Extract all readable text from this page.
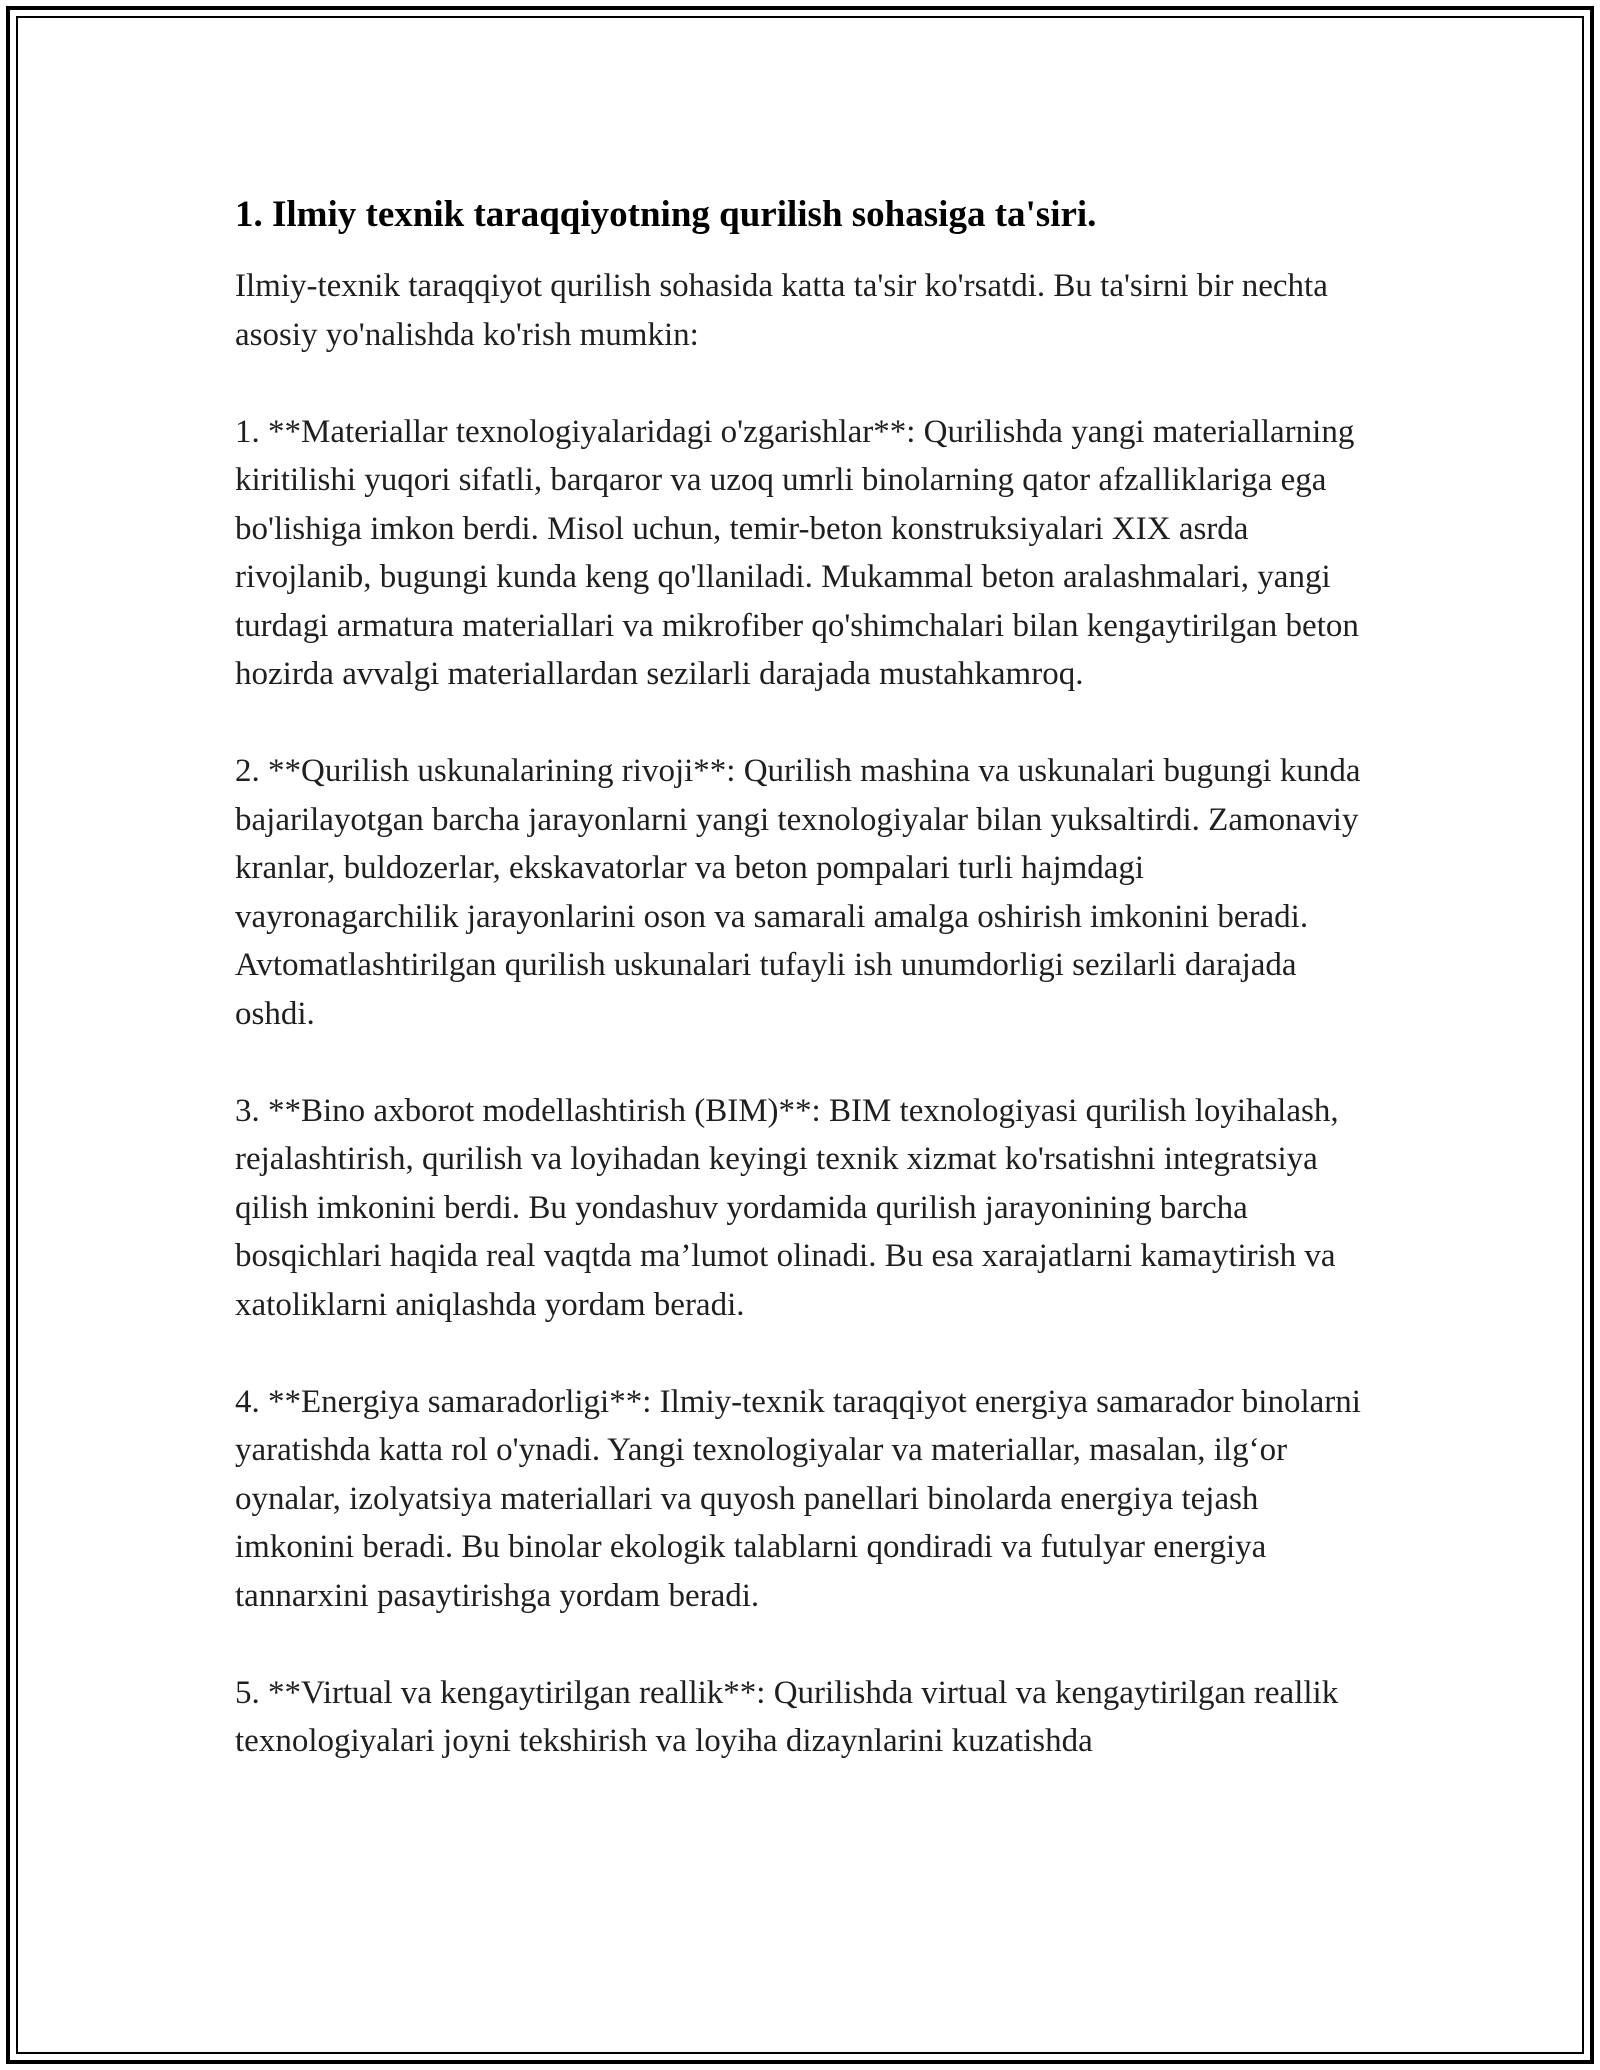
1. Ilmiy texnik taraqqiyotning qurilish sohasiga ta'siri.

Ilmiy-texnik taraqqiyot qurilish sohasida katta ta'sir ko'rsatdi. Bu ta'sirni bir nechta asosiy yo'nalishda ko'rish mumkin:

1. **Materiallar texnologiyalaridagi o'zgarishlar**: Qurilishda yangi materiallarning kiritilishi yuqori sifatli, barqaror va uzoq umrli binolarning qator afzalliklariga ega bo'lishiga imkon berdi. Misol uchun, temir-beton konstruksiyalari XIX asrda rivojlanib, bugungi kunda keng qo'llaniladi. Mukammal beton aralashmalari, yangi turdagi armatura materiallari va mikrofiber qo'shimchalari bilan kengaytirilgan beton hozirda avvalgi materiallardan sezilarli darajada mustahkamroq.

2. **Qurilish uskunalarining rivoji**: Qurilish mashina va uskunalari bugungi kunda bajarilayotgan barcha jarayonlarni yangi texnologiyalar bilan yuksaltirdi. Zamonaviy kranlar, buldozerlar, ekskavatorlar va beton pompalari turli hajmdagi vayronagarchilik jarayonlarini oson va samarali amalga oshirish imkonini beradi. Avtomatlashtirilgan qurilish uskunalari tufayli ish unumdorligi sezilarli darajada oshdi.

3. **Bino axborot modellashtirish (BIM)**: BIM texnologiyasi qurilish loyihalash, rejalashtirish, qurilish va loyihadan keyingi texnik xizmat ko'rsatishni integratsiya qilish imkonini berdi. Bu yondashuv yordamida qurilish jarayonining barcha bosqichlari haqida real vaqtda ma’lumot olinadi. Bu esa xarajatlarni kamaytirish va xatoliklarni aniqlashda yordam beradi.

4. **Energiya samaradorligi**: Ilmiy-texnik taraqqiyot energiya samarador binolarni yaratishda katta rol o'ynadi. Yangi texnologiyalar va materiallar, masalan, ilg‘or oynalar, izolyatsiya materiallari va quyosh panellari binolarda energiya tejash imkonini beradi. Bu binolar ekologik talablarni qondiradi va futulyar energiya tannarxini pasaytirishga yordam beradi.

5. **Virtual va kengaytirilgan reallik**: Qurilishda virtual va kengaytirilgan reallik texnologiyalari joyni tekshirish va loyiha dizaynlarini kuzatishda
